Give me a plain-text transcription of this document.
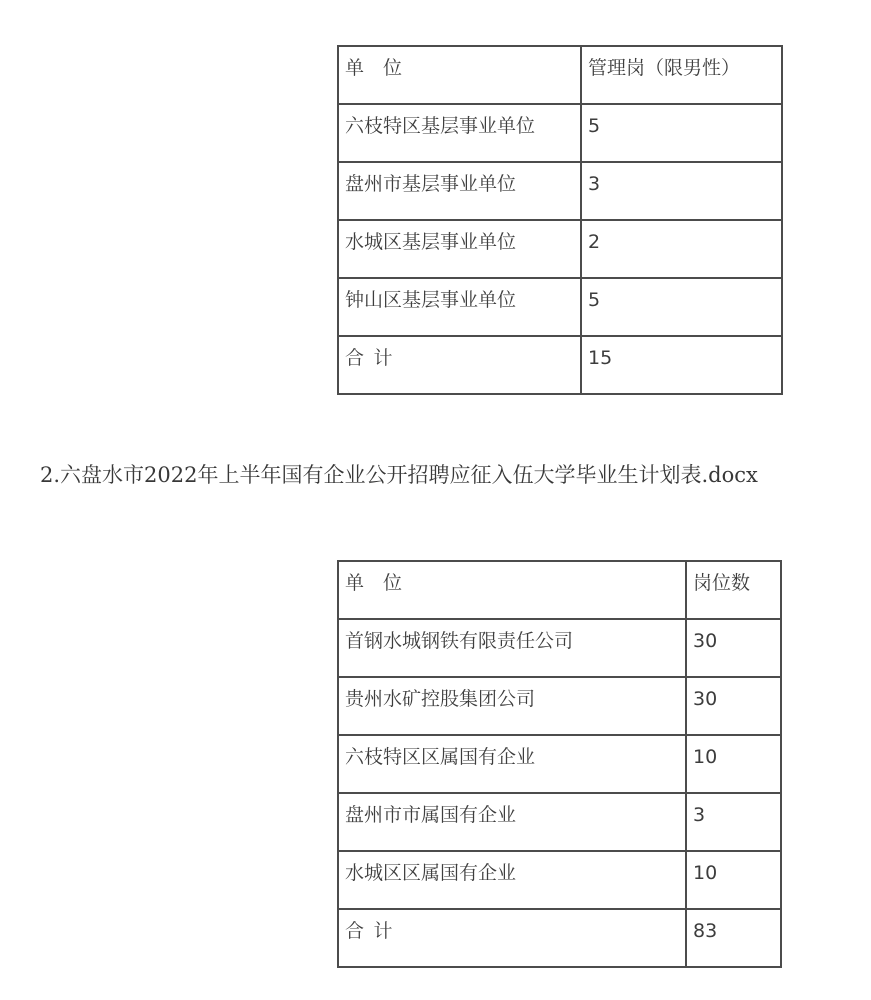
单　位	管理岗（限男性）
六枝特区基层事业单位	5
盘州市基层事业单位	3
水城区基层事业单位	2
钟山区基层事业单位	5
合 计	15
2.六盘水市2022年上半年国有企业公开招聘应征入伍大学毕业生计划表.docx
单　位	岗位数
首钢水城钢铁有限责任公司	30
贵州水矿控股集团公司	30
六枝特区区属国有企业	10
盘州市市属国有企业	3
水城区区属国有企业	10
合 计	83
